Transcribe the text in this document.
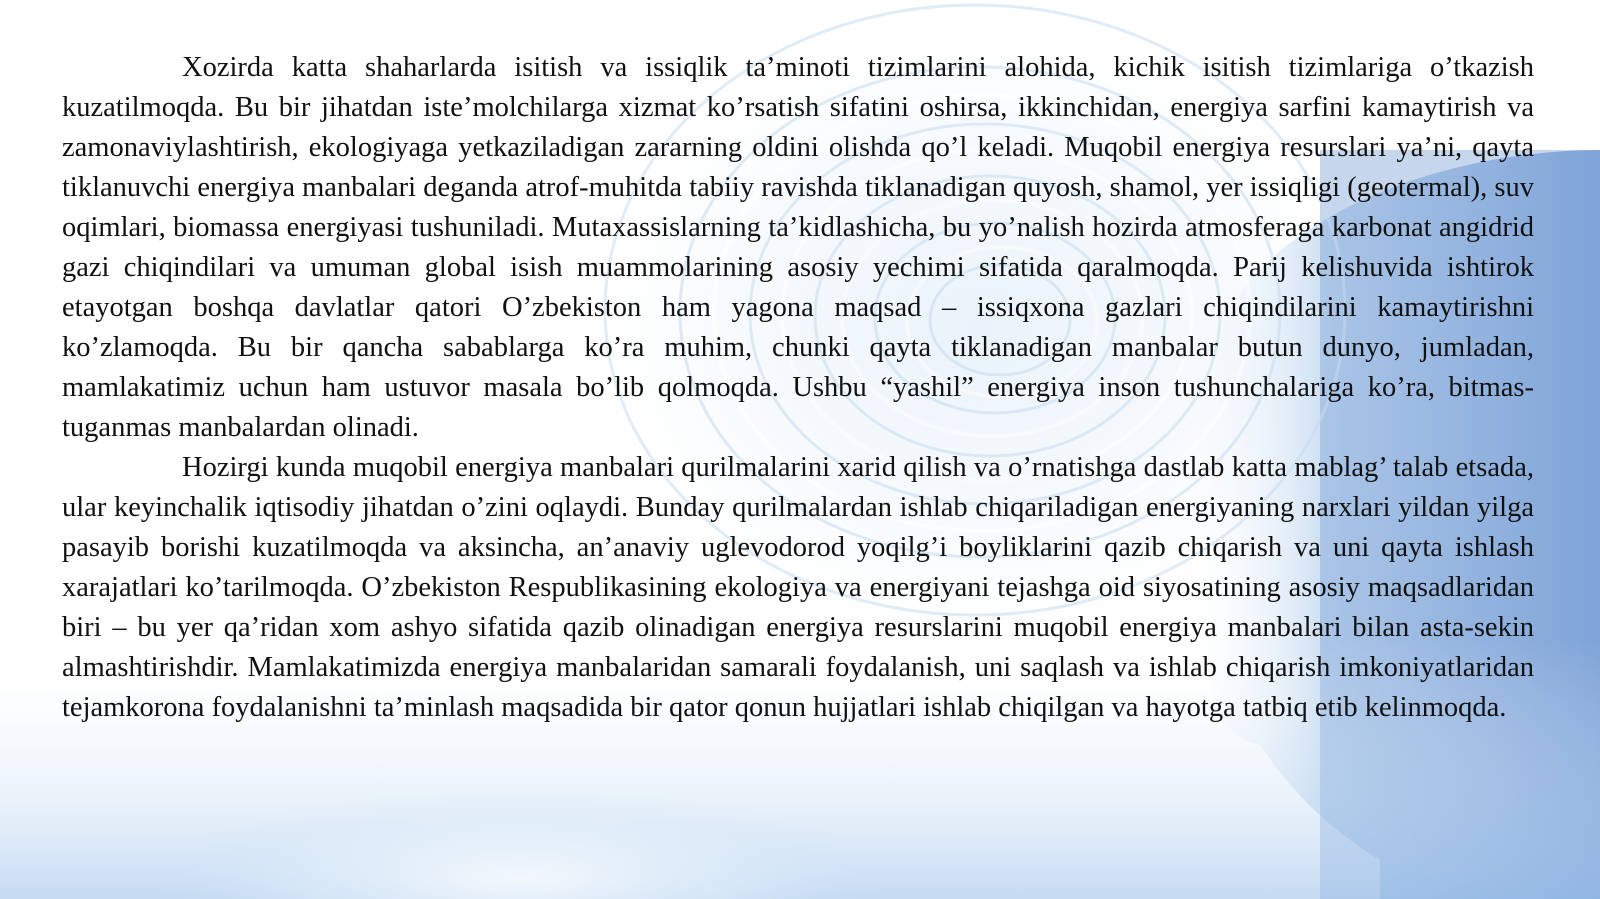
Xozirda katta shaharlarda isitish va issiqlik ta’minoti tizimlarini alohida, kichik isitish tizimlariga o’tkazish kuzatilmoqda. Bu bir jihatdan iste’molchilarga xizmat ko’rsatish sifatini oshirsa, ikkinchidan, energiya sarfini kamaytirish va zamonaviylashtirish, ekologiyaga yetkaziladigan zararning oldini olishda qo’l keladi. Muqobil energiya resurslari ya’ni, qayta tiklanuvchi energiya manbalari deganda atrof-muhitda tabiiy ravishda tiklanadigan quyosh, shamol, yer issiqligi (geotermal), suv oqimlari, biomassa energiyasi tushuniladi. Mutaxassislarning ta’kidlashicha, bu yo’nalish hozirda atmosferaga karbonat angidrid gazi chiqindilari va umuman global isish muammolarining asosiy yechimi sifatida qaralmoqda. Parij kelishuvida ishtirok etayotgan boshqa davlatlar qatori O’zbekiston ham yagona maqsad – issiqxona gazlari chiqindilarini kamaytirishni ko’zlamoqda. Bu bir qancha sabablarga ko’ra muhim, chunki qayta tiklanadigan manbalar butun dunyo, jumladan, mamlakatimiz uchun ham ustuvor masala bo’lib qolmoqda. Ushbu “yashil” energiya inson tushunchalariga ko’ra, bitmas-tuganmas manbalardan olinadi.

Hozirgi kunda muqobil energiya manbalari qurilmalarini xarid qilish va o’rnatishga dastlab katta mablag’ talab etsada, ular keyinchalik iqtisodiy jihatdan o’zini oqlaydi. Bunday qurilmalardan ishlab chiqariladigan energiyaning narxlari yildan yilga pasayib borishi kuzatilmoqda va aksincha, an’anaviy uglevodorod yoqilg’i boyliklarini qazib chiqarish va uni qayta ishlash xarajatlari ko’tarilmoqda. O’zbekiston Respublikasining ekologiya va energiyani tejashga oid siyosatining asosiy maqsadlaridan biri – bu yer qa’ridan xom ashyo sifatida qazib olinadigan energiya resurslarini muqobil energiya manbalari bilan asta-sekin almashtirishdir. Mamlakatimizda energiya manbalaridan samarali foydalanish, uni saqlash va ishlab chiqarish imkoniyatlaridan tejamkorona foydalanishni ta’minlash maqsadida bir qator qonun hujjatlari ishlab chiqilgan va hayotga tatbiq etib kelinmoqda.
